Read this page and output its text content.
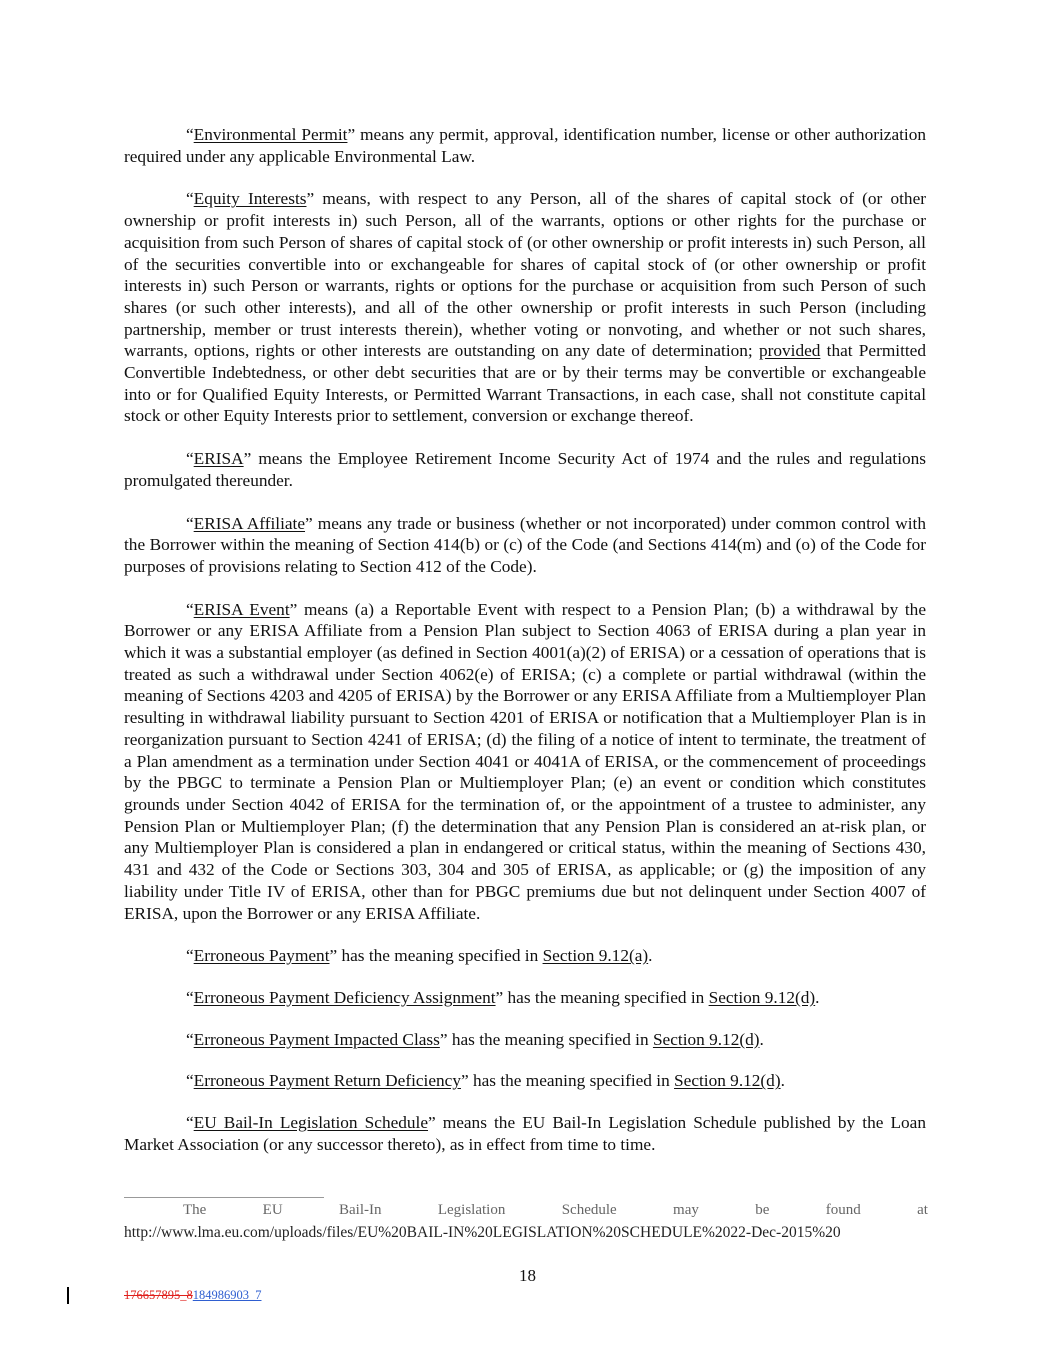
“Environmental Permit” means any permit, approval, identification number, license or other authorization required under any applicable Environmental Law.

“Equity Interests” means, with respect to any Person, all of the shares of capital stock of (or other ownership or profit interests in) such Person, all of the warrants, options or other rights for the purchase or acquisition from such Person of shares of capital stock of (or other ownership or profit interests in) such Person, all of the securities convertible into or exchangeable for shares of capital stock of (or other ownership or profit interests in) such Person or warrants, rights or options for the purchase or acquisition from such Person of such shares (or such other interests), and all of the other ownership or profit interests in such Person (including partnership, member or trust interests therein), whether voting or nonvoting, and whether or not such shares, warrants, options, rights or other interests are outstanding on any date of determination; provided that Permitted Convertible Indebtedness, or other debt securities that are or by their terms may be convertible or exchangeable into or for Qualified Equity Interests, or Permitted Warrant Transactions, in each case, shall not constitute capital stock or other Equity Interests prior to settlement, conversion or exchange thereof.

“ERISA” means the Employee Retirement Income Security Act of 1974 and the rules and regulations promulgated thereunder.

“ERISA Affiliate” means any trade or business (whether or not incorporated) under common control with the Borrower within the meaning of Section 414(b) or (c) of the Code (and Sections 414(m) and (o) of the Code for purposes of provisions relating to Section 412 of the Code).

“ERISA Event” means (a) a Reportable Event with respect to a Pension Plan; (b) a withdrawal by the Borrower or any ERISA Affiliate from a Pension Plan subject to Section 4063 of ERISA during a plan year in which it was a substantial employer (as defined in Section 4001(a)(2) of ERISA) or a cessation of operations that is treated as such a withdrawal under Section 4062(e) of ERISA; (c) a complete or partial withdrawal (within the meaning of Sections 4203 and 4205 of ERISA) by the Borrower or any ERISA Affiliate from a Multiemployer Plan resulting in withdrawal liability pursuant to Section 4201 of ERISA or notification that a Multiemployer Plan is in reorganization pursuant to Section 4241 of ERISA; (d) the filing of a notice of intent to terminate, the treatment of a Plan amendment as a termination under Section 4041 or 4041A of ERISA, or the commencement of proceedings by the PBGC to terminate a Pension Plan or Multiemployer Plan; (e) an event or condition which constitutes grounds under Section 4042 of ERISA for the termination of, or the appointment of a trustee to administer, any Pension Plan or Multiemployer Plan; (f) the determination that any Pension Plan is considered an at-risk plan, or any Multiemployer Plan is considered a plan in endangered or critical status, within the meaning of Sections 430, 431 and 432 of the Code or Sections 303, 304 and 305 of ERISA, as applicable; or (g) the imposition of any liability under Title IV of ERISA, other than for PBGC premiums due but not delinquent under Section 4007 of ERISA, upon the Borrower or any ERISA Affiliate.

“Erroneous Payment” has the meaning specified in Section 9.12(a).

“Erroneous Payment Deficiency Assignment” has the meaning specified in Section 9.12(d).

“Erroneous Payment Impacted Class” has the meaning specified in Section 9.12(d).

“Erroneous Payment Return Deficiency” has the meaning specified in Section 9.12(d).

“EU Bail-In Legislation Schedule” means the EU Bail-In Legislation Schedule published by the Loan Market Association (or any successor thereto), as in effect from time to time.

The	EU	Bail-In	Legislation	Schedule	may	be	found	at
http://www.lma.eu.com/uploads/files/EU%20BAIL-IN%20LEGISLATION%20SCHEDULE%2022-Dec-2015%20
18
176657895_8184986903_7
